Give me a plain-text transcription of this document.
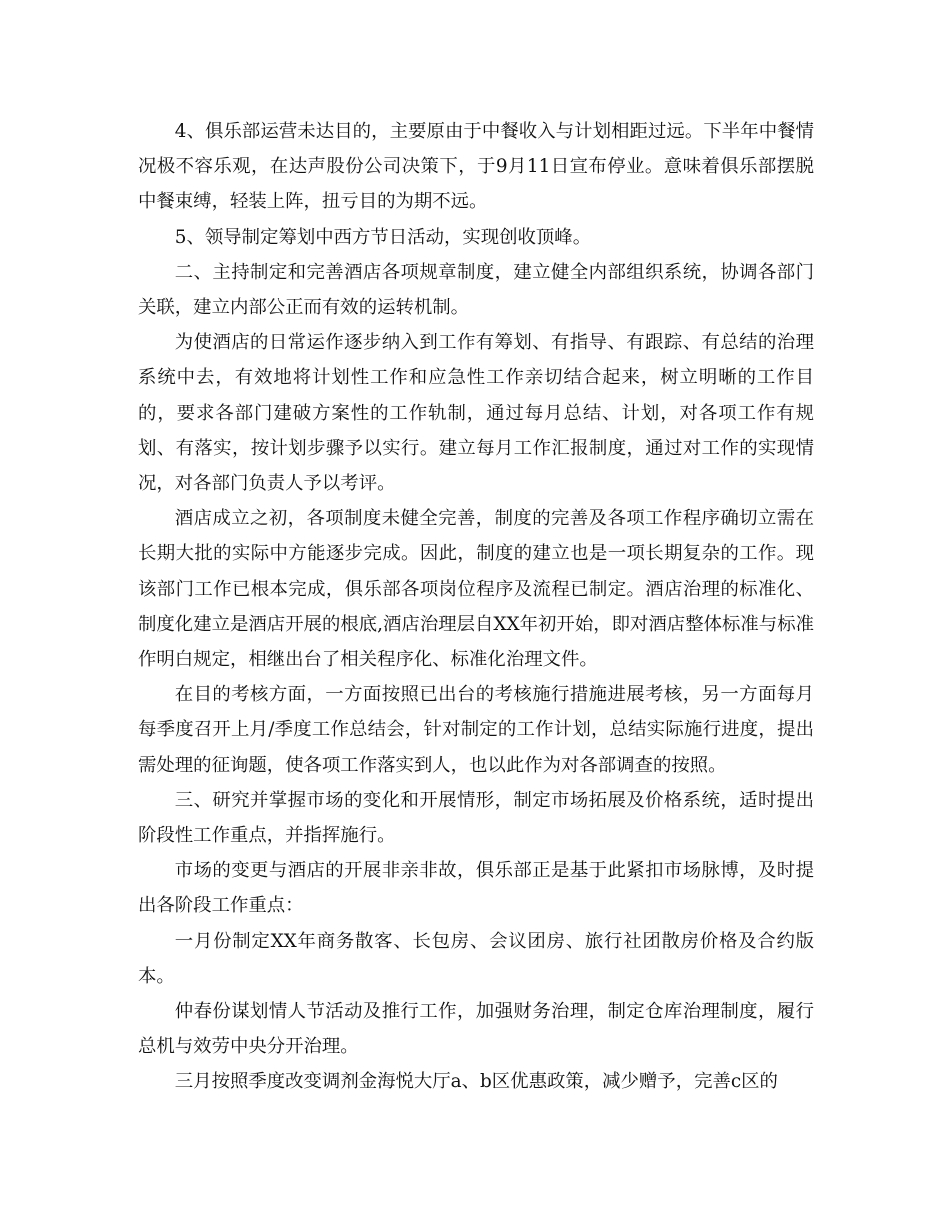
4、俱乐部运营未达目的，主要原由于中餐收入与计划相距过远。下半年中餐情况极不容乐观，在达声股份公司决策下，于9月11日宣布停业。意味着俱乐部摆脱中餐束缚，轻装上阵，扭亏目的为期不远。

5、领导制定筹划中西方节日活动，实现创收顶峰。

二、主持制定和完善酒店各项规章制度，建立健全内部组织系统，协调各部门关联，建立内部公正而有效的运转机制。

为使酒店的日常运作逐步纳入到工作有筹划、有指导、有跟踪、有总结的治理系统中去，有效地将计划性工作和应急性工作亲切结合起来，树立明晰的工作目的，要求各部门建破方案性的工作轨制，通过每月总结、计划，对各项工作有规划、有落实，按计划步骤予以实行。建立每月工作汇报制度，通过对工作的实现情况，对各部门负责人予以考评。

酒店成立之初，各项制度未健全完善，制度的完善及各项工作程序确切立需在长期大批的实际中方能逐步完成。因此，制度的建立也是一项长期复杂的工作。现该部门工作已根本完成，俱乐部各项岗位程序及流程已制定。酒店治理的标准化、制度化建立是酒店开展的根底,酒店治理层自XX年初开始，即对酒店整体标准与标准作明白规定，相继出台了相关程序化、标准化治理文件。

在目的考核方面，一方面按照已出台的考核施行措施进展考核，另一方面每月每季度召开上月/季度工作总结会，针对制定的工作计划，总结实际施行进度，提出需处理的征询题，使各项工作落实到人，也以此作为对各部调查的按照。

三、研究并掌握市场的变化和开展情形，制定市场拓展及价格系统，适时提出阶段性工作重点，并指挥施行。

市场的变更与酒店的开展非亲非故，俱乐部正是基于此紧扣市场脉博，及时提出各阶段工作重点：

一月份制定XX年商务散客、长包房、会议团房、旅行社团散房价格及合约版本。

仲春份谋划情人节活动及推行工作，加强财务治理，制定仓库治理制度，履行总机与效劳中央分开治理。

三月按照季度改变调剂金海悦大厅a、b区优惠政策，减少赠予，完善c区的
